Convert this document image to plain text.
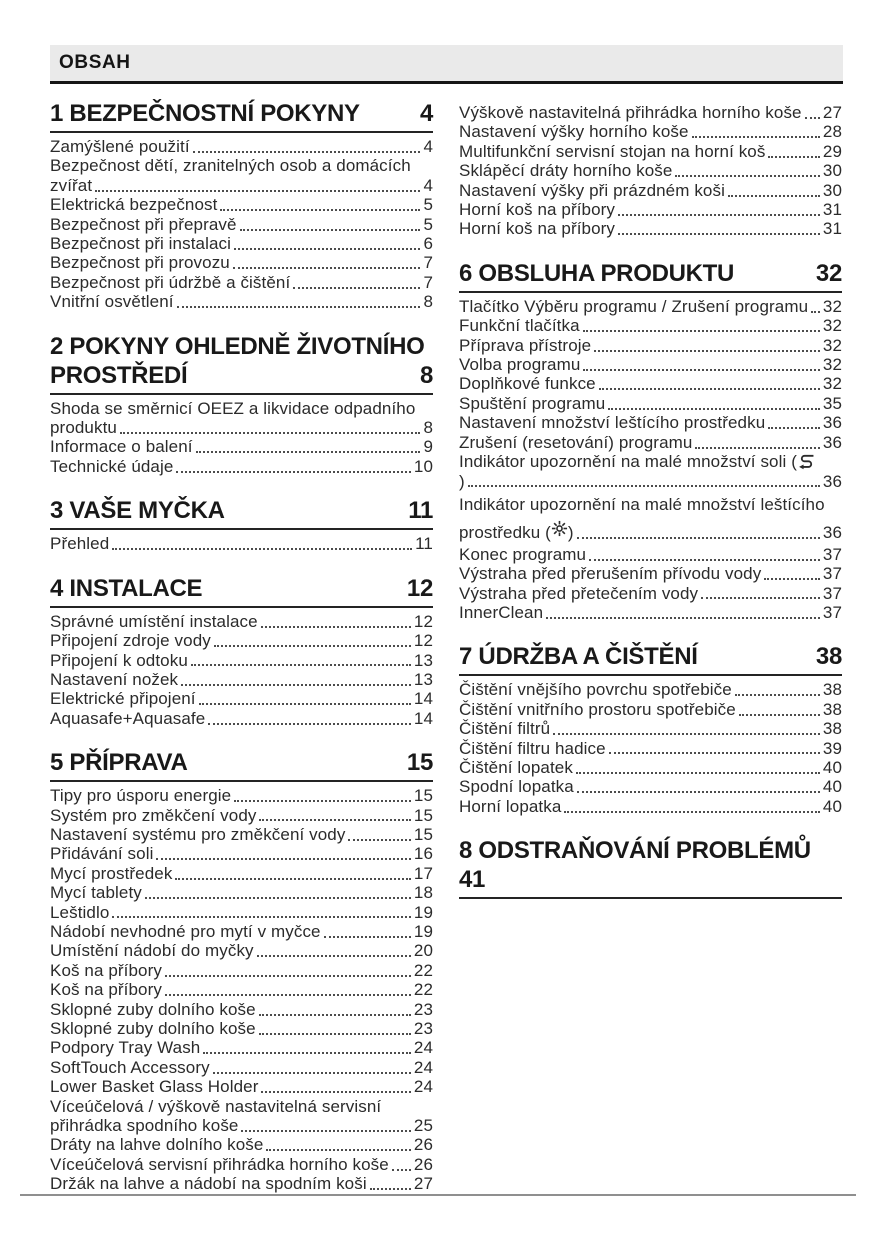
OBSAH
1 BEZPEČNOSTNÍ POKYNY	4
Zamýšlené použití	4
Bezpečnost dětí, zranitelných osob a domácích
zvířat	4
Elektrická bezpečnost	5
Bezpečnost při přepravě	5
Bezpečnost při instalaci	6
Bezpečnost při provozu	7
Bezpečnost při údržbě a čištění	7
Vnitřní osvětlení	8
2 POKYNY OHLEDNĚ ŽIVOTNÍHO
PROSTŘEDÍ	8
Shoda se směrnicí OEEZ a likvidace odpadního
produktu	8
Informace o balení	9
Technické údaje	10
3 VAŠE MYČKA	11
Přehled	11
4 INSTALACE	12
Správné umístění instalace	12
Připojení zdroje vody	12
Připojení k odtoku	13
Nastavení nožek	13
Elektrické připojení	14
Aquasafe+Aquasafe	14
5 PŘÍPRAVA	15
Tipy pro úsporu energie	15
Systém pro změkčení vody	15
Nastavení systému pro změkčení vody	15
Přidávání soli	16
Mycí prostředek	17
Mycí tablety	18
Leštidlo	19
Nádobí nevhodné pro mytí v myčce	19
Umístění nádobí do myčky	20
Koš na příbory	22
Koš na příbory	22
Sklopné zuby dolního koše	23
Sklopné zuby dolního koše	23
Podpory Tray Wash	24
SoftTouch Accessory	24
Lower Basket Glass Holder	24
Víceúčelová / výškově nastavitelná servisní
přihrádka spodního koše	25
Dráty na lahve dolního koše	26
Víceúčelová servisní přihrádka horního koše 26
Držák na lahve a nádobí na spodním koši	27
Výškově nastavitelná přihrádka horního koše 27
Nastavení výšky horního koše	28
Multifunkční servisní stojan na horní koš	29
Sklápěcí dráty horního koše	30
Nastavení výšky při prázdném koši	30
Horní koš na příbory	31
Horní koš na příbory	31
6 OBSLUHA PRODUKTU	32
Tlačítko Výběru programu / Zrušení programu 32
Funkční tlačítka	32
Příprava přístroje	32
Volba programu	32
Doplňkové funkce	32
Spuštění programu	35
Nastavení množství leštícího prostředku	36
Zrušení (resetování) programu	36
Indikátor upozornění na malé množství soli (
)	36
Indikátor upozornění na malé množství leštícího
prostředku ( )	36
Konec programu	37
Výstraha před přerušením přívodu vody	37
Výstraha před přetečením vody	37
InnerClean	37
7 ÚDRŽBA A ČIŠTĚNÍ	38
Čištění vnějšího povrchu spotřebiče	38
Čištění vnitřního prostoru spotřebiče	38
Čištění filtrů	38
Čištění filtru hadice	39
Čištění lopatek	40
Spodní lopatka	40
Horní lopatka	40
8 ODSTRAŇOVÁNÍ PROBLÉMŮ
41
